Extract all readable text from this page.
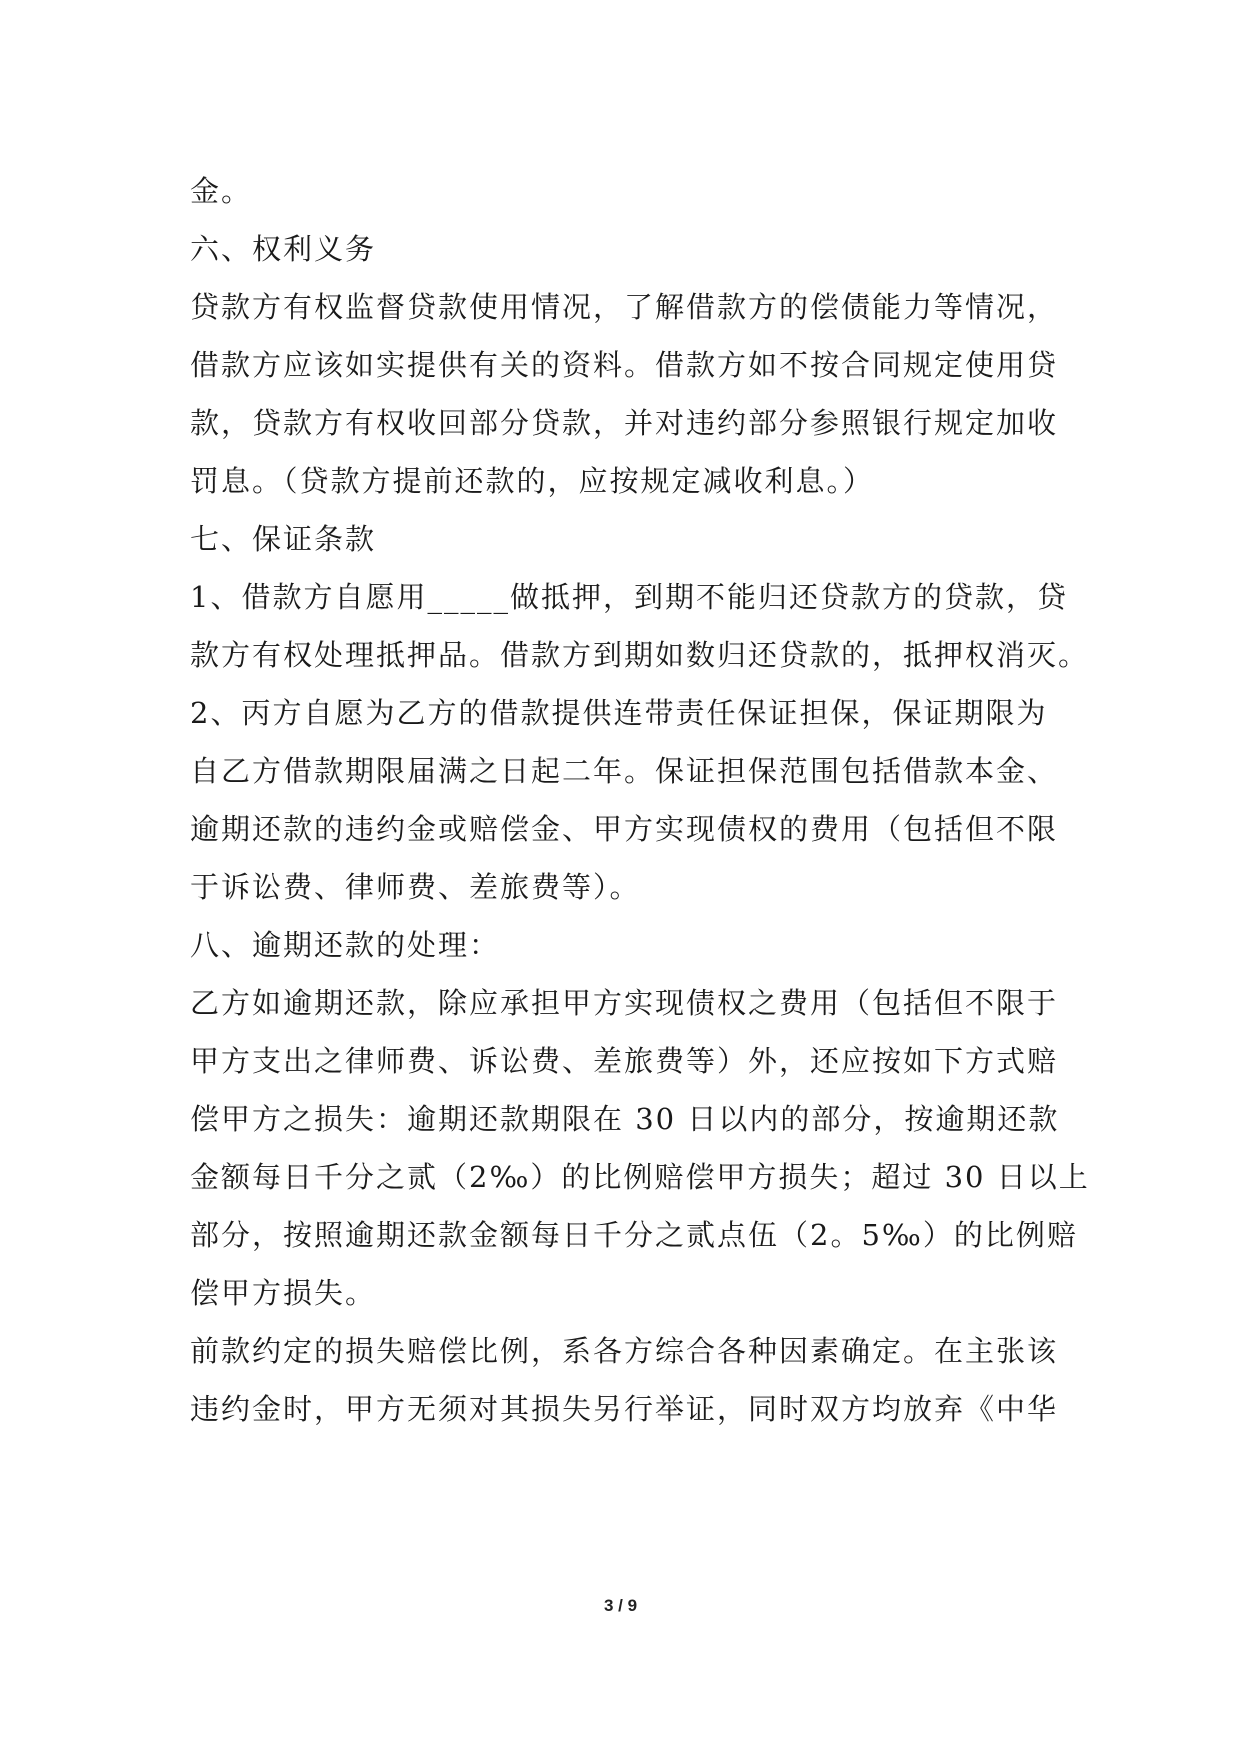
金。
六、权利义务
贷款方有权监督贷款使用情况，了解借款方的偿债能力等情况，
借款方应该如实提供有关的资料。借款方如不按合同规定使用贷
款，贷款方有权收回部分贷款，并对违约部分参照银行规定加收
罚息。（贷款方提前还款的，应按规定减收利息。）
七、保证条款
1、借款方自愿用_____做抵押，到期不能归还贷款方的贷款，贷
款方有权处理抵押品。借款方到期如数归还贷款的，抵押权消灭。
2、丙方自愿为乙方的借款提供连带责任保证担保，保证期限为
自乙方借款期限届满之日起二年。保证担保范围包括借款本金、
逾期还款的违约金或赔偿金、甲方实现债权的费用（包括但不限
于诉讼费、律师费、差旅费等）。
八、逾期还款的处理：
乙方如逾期还款，除应承担甲方实现债权之费用（包括但不限于
甲方支出之律师费、诉讼费、差旅费等）外，还应按如下方式赔
偿甲方之损失：逾期还款期限在 30 日以内的部分，按逾期还款
金额每日千分之贰（2‰）的比例赔偿甲方损失；超过 30 日以上
部分，按照逾期还款金额每日千分之贰点伍（2。5‰）的比例赔
偿甲方损失。
前款约定的损失赔偿比例，系各方综合各种因素确定。在主张该
违约金时，甲方无须对其损失另行举证，同时双方均放弃《中华
3 / 9
